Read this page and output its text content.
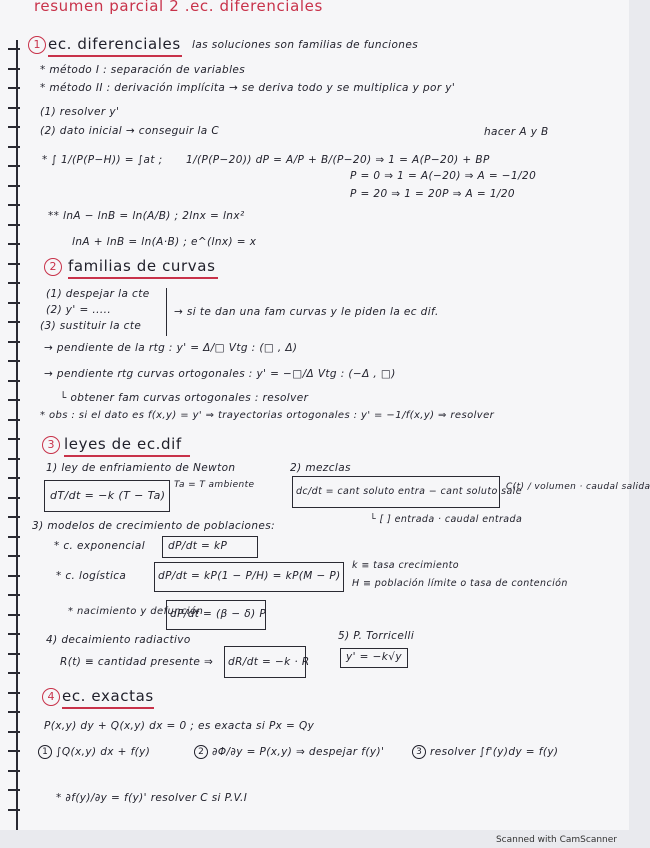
resumen parcial 2 .ec. diferenciales
1 ec. diferenciales las soluciones son familias de funciones
* método I : separación de variables
* método II : derivación implícita → se deriva todo y se multiplica y por y'
(1) resolver y'
(2) dato inicial → conseguir la C	hacer A y B
* ∫ 1/(P(P−H)) = ∫at ; 1/(P(P−20)) dP = A/P + B/(P−20) ⇒ 1 = A(P−20) + BP
P = 0 ⇒ 1 = A(−20) ⇒ A = −1/20
P = 20 ⇒ 1 = 20P ⇒ A = 1/20
** lnA − lnB = ln(A/B) ; 2lnx = lnx²
lnA + lnB = ln(A·B) ; e^(lnx) = x
2 familias de curvas
(1) despejar la cte
(2) y' = .....
(3) sustituir la cte
→ si te dan una fam curvas y le piden la ec dif.
→ pendiente de la rtg : y' = Δ/□ Vtg : (□ , Δ)
→ pendiente rtg curvas ortogonales : y' = −□/Δ Vtg : (−Δ , □)
└ obtener fam curvas ortogonales : resolver
* obs : si el dato es f(x,y) = y' ⇒ trayectorias ortogonales : y' = −1/f(x,y) ⇒ resolver
3 leyes de ec.dif
1) ley de enfriamiento de Newton
dT/dt = −k (T − Ta)
Ta = T ambiente
2) mezclas
dc/dt = cant soluto entra − cant soluto sale
C(t) / volumen · caudal salida
└ [ ] entrada · caudal entrada
3) modelos de crecimiento de poblaciones:
* c. exponencial dP/dt = kP
* c. logística	dP/dt = kP(1 − P/H) = kP(M − P)
k ≡ tasa crecimiento
H ≡ población límite o tasa de contención
* nacimiento y defunción
dP/dt = (β − δ) P
4) decaimiento radiactivo
R(t) ≡ cantidad presente ⇒ dR/dt = −k · R
5) P. Torricelli
y' = −k√y
4 ec. exactas
P(x,y) dy + Q(x,y) dx = 0 ; es exacta si Px = Qy
1 ∫Q(x,y) dx + f(y)	2 ∂Φ/∂y = P(x,y) ⇒ despejar f(y)'	3 resolver ∫f'(y)dy = f(y)
* ∂f(y)/∂y = f(y)' resolver C si P.V.I
Scanned with CamScanner
